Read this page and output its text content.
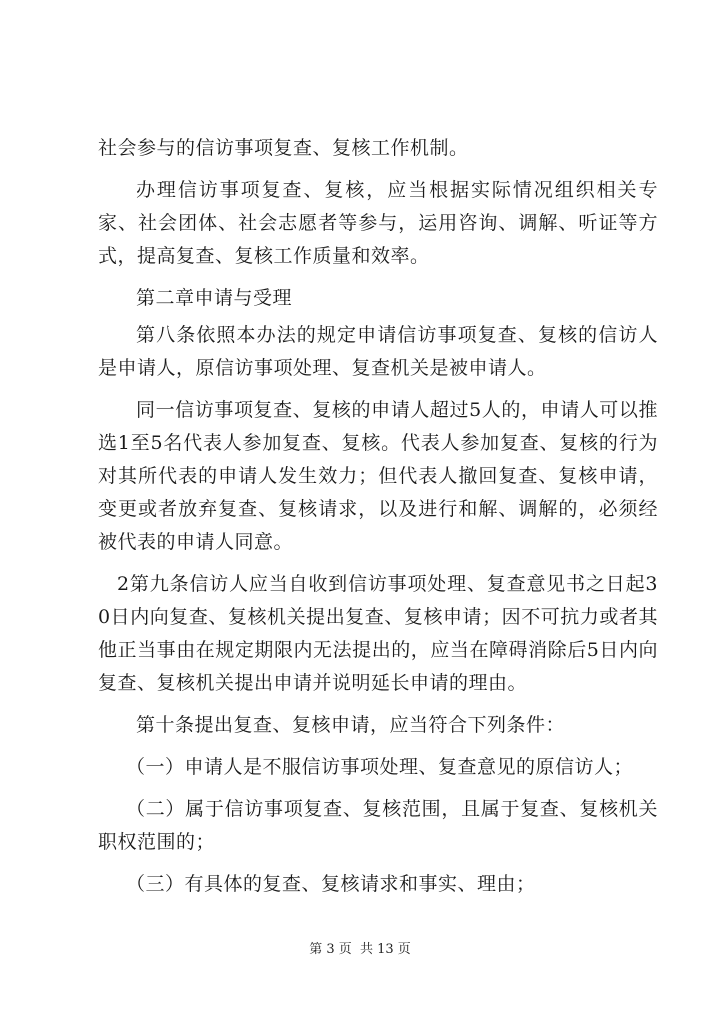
社会参与的信访事项复查、复核工作机制。

办理信访事项复查、复核，应当根据实际情况组织相关专家、社会团体、社会志愿者等参与，运用咨询、调解、听证等方式，提高复查、复核工作质量和效率。

第二章申请与受理

第八条依照本办法的规定申请信访事项复查、复核的信访人是申请人，原信访事项处理、复查机关是被申请人。

同一信访事项复查、复核的申请人超过5人的，申请人可以推选1至5名代表人参加复查、复核。代表人参加复查、复核的行为对其所代表的申请人发生效力；但代表人撤回复查、复核申请，变更或者放弃复查、复核请求，以及进行和解、调解的，必须经被代表的申请人同意。

2第九条信访人应当自收到信访事项处理、复查意见书之日起30日内向复查、复核机关提出复查、复核申请；因不可抗力或者其他正当事由在规定期限内无法提出的，应当在障碍消除后5日内向复查、复核机关提出申请并说明延长申请的理由。

第十条提出复查、复核申请，应当符合下列条件：

（一）申请人是不服信访事项处理、复查意见的原信访人；

（二）属于信访事项复查、复核范围，且属于复查、复核机关职权范围的；

（三）有具体的复查、复核请求和事实、理由；

第 3 页  共 13 页
